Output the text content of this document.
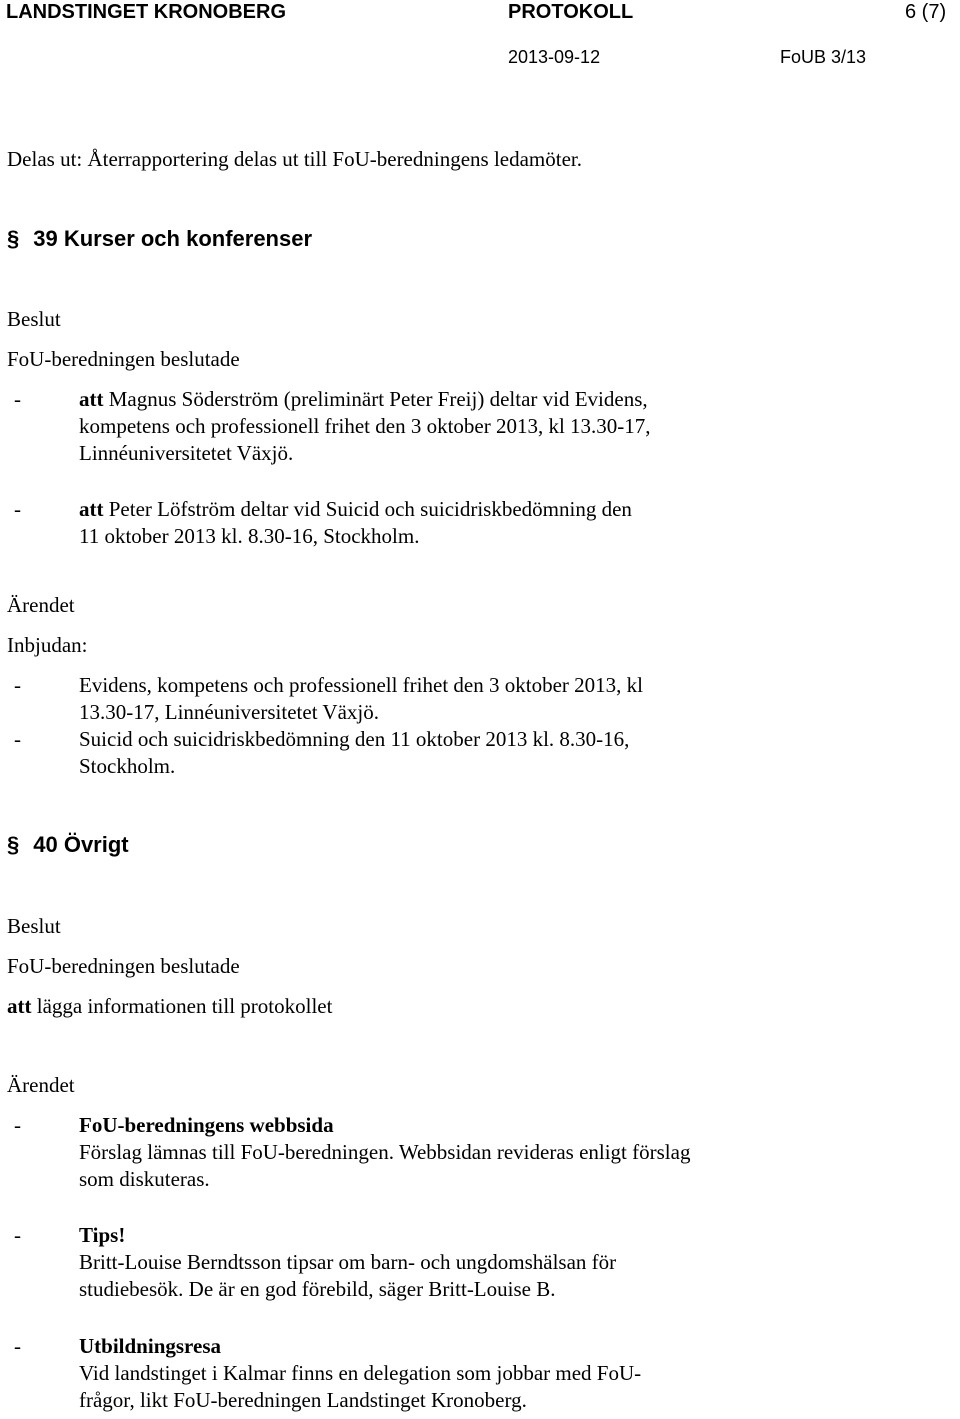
LANDSTINGET KRONOBERG	PROTOKOLL	6 (7)
2013-09-12	FoUB 3/13
Delas ut: Återrapportering delas ut till FoU-beredningens ledamöter.
§ 39 Kurser och konferenser
Beslut
FoU-beredningen beslutade
-	att Magnus Söderström (preliminärt Peter Freij) deltar vid Evidens,
kompetens och professionell frihet den 3 oktober 2013, kl 13.30-17,
Linnéuniversitetet Växjö.
-	att Peter Löfström deltar vid Suicid och suicidriskbedömning den
11 oktober 2013 kl. 8.30-16, Stockholm.
Ärendet
Inbjudan:
-	Evidens, kompetens och professionell frihet den 3 oktober 2013, kl
13.30-17, Linnéuniversitetet Växjö.
-	Suicid och suicidriskbedömning den 11 oktober 2013 kl. 8.30-16,
Stockholm.
§ 40 Övrigt
Beslut
FoU-beredningen beslutade
att lägga informationen till protokollet
Ärendet
-	FoU-beredningens webbsida
Förslag lämnas till FoU-beredningen. Webbsidan revideras enligt förslag
som diskuteras.
-	Tips!
Britt-Louise Berndtsson tipsar om barn- och ungdomshälsan för
studiebesök. De är en god förebild, säger Britt-Louise B.
-	Utbildningsresa
Vid landstinget i Kalmar finns en delegation som jobbar med FoU-
frågor, likt FoU-beredningen Landstinget Kronoberg.
